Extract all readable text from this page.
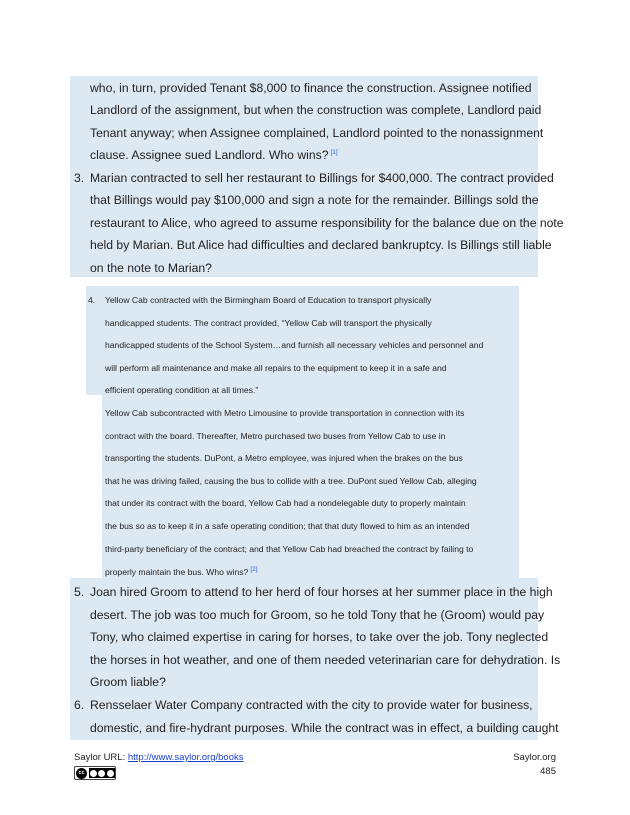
who, in turn, provided Tenant $8,000 to finance the construction. Assignee notified
Landlord of the assignment, but when the construction was complete, Landlord paid
Tenant anyway; when Assignee complained, Landlord pointed to the nonassignment
clause. Assignee sued Landlord. Who wins? [1]
3. Marian contracted to sell her restaurant to Billings for $400,000. The contract provided
that Billings would pay $100,000 and sign a note for the remainder. Billings sold the
restaurant to Alice, who agreed to assume responsibility for the balance due on the note
held by Marian. But Alice had difficulties and declared bankruptcy. Is Billings still liable
on the note to Marian?
4. Yellow Cab contracted with the Birmingham Board of Education to transport physically
handicapped students. The contract provided, “Yellow Cab will transport the physically
handicapped students of the School System…and furnish all necessary vehicles and personnel and
will perform all maintenance and make all repairs to the equipment to keep it in a safe and
efficient operating condition at all times.”
Yellow Cab subcontracted with Metro Limousine to provide transportation in connection with its
contract with the board. Thereafter, Metro purchased two buses from Yellow Cab to use in
transporting the students. DuPont, a Metro employee, was injured when the brakes on the bus
that he was driving failed, causing the bus to collide with a tree. DuPont sued Yellow Cab, alleging
that under its contract with the board, Yellow Cab had a nondelegable duty to properly maintain
the bus so as to keep it in a safe operating condition; that that duty flowed to him as an intended
third-party beneficiary of the contract; and that Yellow Cab had breached the contract by failing to
properly maintain the bus. Who wins? [2]
5. Joan hired Groom to attend to her herd of four horses at her summer place in the high
desert. The job was too much for Groom, so he told Tony that he (Groom) would pay
Tony, who claimed expertise in caring for horses, to take over the job. Tony neglected
the horses in hot weather, and one of them needed veterinarian care for dehydration. Is
Groom liable?
6. Rensselaer Water Company contracted with the city to provide water for business,
domestic, and fire-hydrant purposes. While the contract was in effect, a building caught
Saylor URL: http://www.saylor.org/books
cc
Saylor.org
485
